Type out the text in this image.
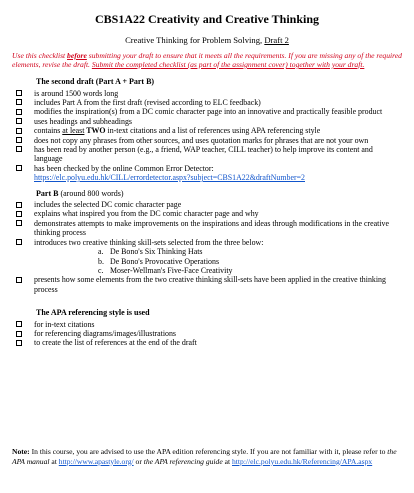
CBS1A22 Creativity and Creative Thinking
Creative Thinking for Problem Solving, Draft 2
Use this checklist before submitting your draft to ensure that it meets all the requirements. If you are missing any of the required elements, revise the draft. Submit the completed checklist (as part of the assignment cover) together with your draft.
The second draft (Part A + Part B)
is around 1500 words long
includes Part A from the first draft (revised according to ELC feedback)
modifies the inspiration(s) from a DC comic character page into an innovative and practically feasible product
uses headings and subheadings
contains at least TWO in-text citations and a list of references using APA referencing style
does not copy any phrases from other sources, and uses quotation marks for phrases that are not your own
has been read by another person (e.g., a friend, WAP teacher, CILL teacher) to help improve its content and language
has been checked by the online Common Error Detector:
https://elc.polyu.edu.hk/CILL/errordetector.aspx?subject=CBS1A22&draftNumber=2
Part B (around 800 words)
includes the selected DC comic character page
explains what inspired you from the DC comic character page and why
demonstrates attempts to make improvements on the inspirations and ideas through modifications in the creative thinking process
introduces two creative thinking skill-sets selected from the three below:
a. De Bono's Six Thinking Hats
b. De Bono's Provocative Operations
c. Moser-Wellman's Five-Face Creativity
presents how some elements from the two creative thinking skill-sets have been applied in the creative thinking process
The APA referencing style is used
for in-text citations
for referencing diagrams/images/illustrations
to create the list of references at the end of the draft
Note: In this course, you are advised to use the APA edition referencing style. If you are not familiar with it, please refer to the APA manual at http://www.apastyle.org/ or the APA referencing guide at http://elc.polyu.edu.hk/Referencing/APA.aspx
